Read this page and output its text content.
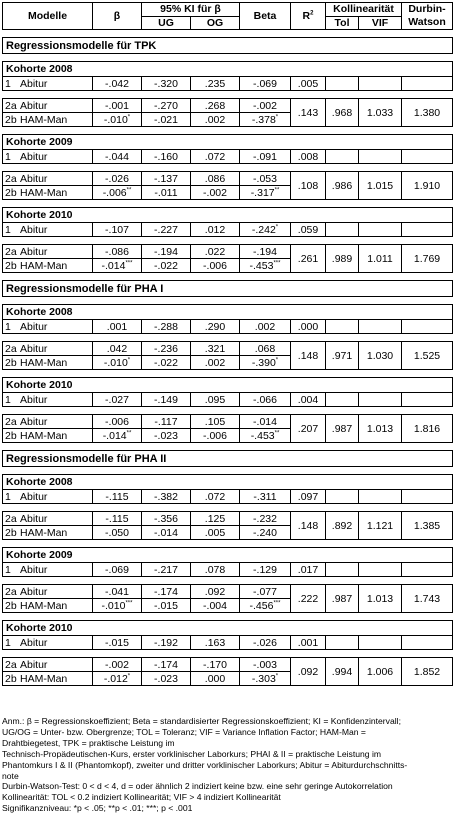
Modelle	β	95% KI für β		Beta	$R^2$	Kollinearität		Durbin-
Watson
		UG	OG			Tol	VIF	

Regressionsmodelle für TPK								

Kohorte 2008								
1 Abitur	-.042	-.320	.235	-.069	.005			

2a Abitur	-.001	-.270	.268	-.002	.143	.968	1.033	1.380
2b HAM-Man	-.010*	-.021	.002	-.378*

Kohorte 2009								
1 Abitur	-.044	-.160	.072	-.091	.008			

2a Abitur	-.026	-.137	.086	-.053	.108	.986	1.015	1.910
2b HAM-Man	-.006**	-.011	-.002	-.317**

Kohorte 2010								
1 Abitur	-.107	-.227	.012	-.242*	.059			

2a Abitur	-.086	-.194	.022	-.194	.261	.989	1.011	1.769
2b HAM-Man	-.014***	-.022	-.006	-.453***

Regressionsmodelle für PHA I								

Kohorte 2008								
1 Abitur	.001	-.288	.290	.002	.000			

2a Abitur	.042	-.236	.321	.068	.148	.971	1.030	1.525
2b HAM-Man	-.010*	-.022	.002	-.390*

Kohorte 2010								
1 Abitur	-.027	-.149	.095	-.066	.004			

2a Abitur	-.006	-.117	.105	-.014	.207	.987	1.013	1.816
2b HAM-Man	-.014**	-.023	-.006	-.453**

Regressionsmodelle für PHA II								

Kohorte 2008								
1 Abitur	-.115	-.382	.072	-.311	.097			

2a Abitur	-.115	-.356	.125	-.232	.148	.892	1.121	1.385
2b HAM-Man	-.050	-.014	.005	-.240				

Kohorte 2009								
1 Abitur	-.069	-.217	.078	-.129	.017			

2a Abitur	-.041	-.174	.092	-.077	.222	.987	1.013	1.743
2b HAM-Man	-.010***	-.015	-.004	-.456***

Kohorte 2010								
1 Abitur	-.015	-.192	.163	-.026	.001			

2a Abitur	-.002	-.174	-.170	-.003	.092	.994	1.006	1.852
2b HAM-Man	-.012*	-.023	.000	-.303*
Anm.: β = Regressionskoeffizient; Beta = standardisierter Regressionskoeffizient; KI = Konfidenzintervall;
UG/OG = Unter- bzw. Obergrenze; TOL = Toleranz; VIF = Variance Inflation Factor; HAM-Man =
Drahtbiegetest, TPK = praktische Leistung im
Technisch-Propädeutischen-Kurs, erster vorklinischer Laborkurs; PHAI & II = praktische Leistung im
Phantomkurs I & II (Phantomkopf), zweiter und dritter vorklinischer Laborkurs; Abitur = Abiturdurchschnitts-
note
Durbin-Watson-Test: 0 < d < 4, d = oder ähnlich 2 indiziert keine bzw. eine sehr geringe Autokorrelation
Kollinearität: TOL < 0.2 indiziert Kollinearität; VIF > 4 indiziert Kollinearität
Signifikanzniveau: *p < .05; **p < .01; ***; p < .001
